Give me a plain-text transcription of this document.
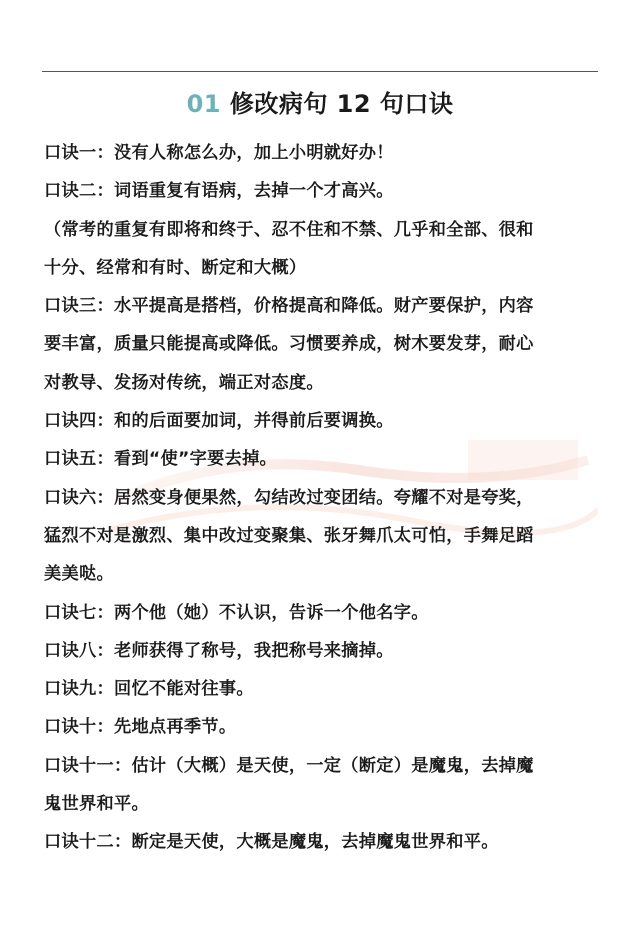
01 修改病句 12 句口诀
口诀一：没有人称怎么办，加上小明就好办！
口诀二：词语重复有语病，去掉一个才高兴。
（常考的重复有即将和终于、忍不住和不禁、几乎和全部、很和
十分、经常和有时、断定和大概）
口诀三：水平提高是搭档，价格提高和降低。财产要保护，内容
要丰富，质量只能提高或降低。习惯要养成，树木要发芽，耐心
对教导、发扬对传统，端正对态度。
口诀四：和的后面要加词，并得前后要调换。
口诀五：看到“使”字要去掉。
口诀六：居然变身便果然，勾结改过变团结。夸耀不对是夸奖，
猛烈不对是激烈、集中改过变聚集、张牙舞爪太可怕，手舞足蹈
美美哒。
口诀七：两个他（她）不认识，告诉一个他名字。
口诀八：老师获得了称号，我把称号来摘掉。
口诀九：回忆不能对往事。
口诀十：先地点再季节。
口诀十一：估计（大概）是天使，一定（断定）是魔鬼，去掉魔
鬼世界和平。
口诀十二：断定是天使，大概是魔鬼，去掉魔鬼世界和平。
